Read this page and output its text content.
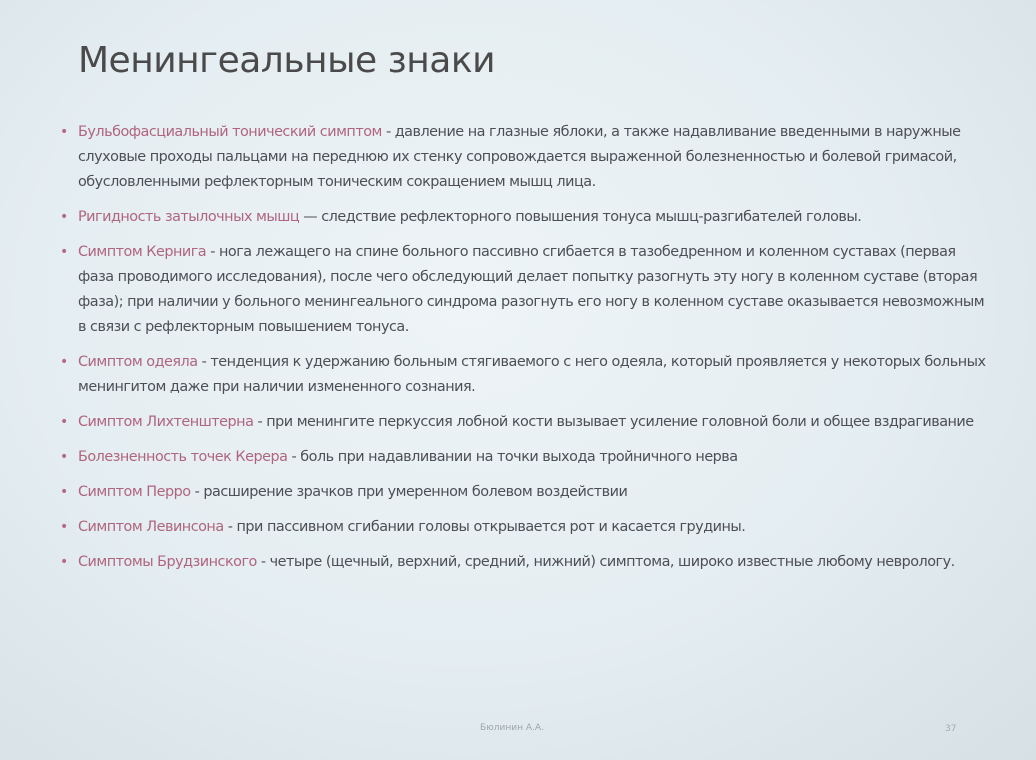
Менингеальные знаки
• Бульбофасциальный тонический симптом - давление на глазные яблоки, а также надавливание введенными в наружные слуховые проходы пальцами на переднюю их стенку сопровождается выраженной болезненностью и болевой гримасой, обусловленными рефлекторным тоническим сокращением мышц лица.
• Ригидность затылочных мышц — следствие рефлекторного повышения тонуса мышц-разгибателей головы.
• Симптом Кернига - нога лежащего на спине больного пассивно сгибается в тазобедренном и коленном суставах (первая фаза проводимого исследования), после чего обследующий делает попытку разогнуть эту ногу в коленном суставе (вторая фаза); при наличии у больного менингеального синдрома разогнуть его ногу в коленном суставе оказывается невозможным в связи с рефлекторным повышением тонуса.
• Симптом одеяла - тенденция к удержанию больным стягиваемого с него одеяла, который проявляется у некоторых больных менингитом даже при наличии измененного сознания.
• Симптом Лихтенштерна - при менингите перкуссия лобной кости вызывает усиление головной боли и общее вздрагивание
• Болезненность точек Керера - боль при надавливании на точки выхода тройничного нерва
• Симптом Перро - расширение зрачков при умеренном болевом воздействии
• Симптом Левинсона - при пассивном сгибании головы открывается рот и касается грудины.
• Симптомы Брудзинского - четыре (щечный, верхний, средний, нижний) симптома, широко известные любому неврологу.
Бюлинин А.А.	37
